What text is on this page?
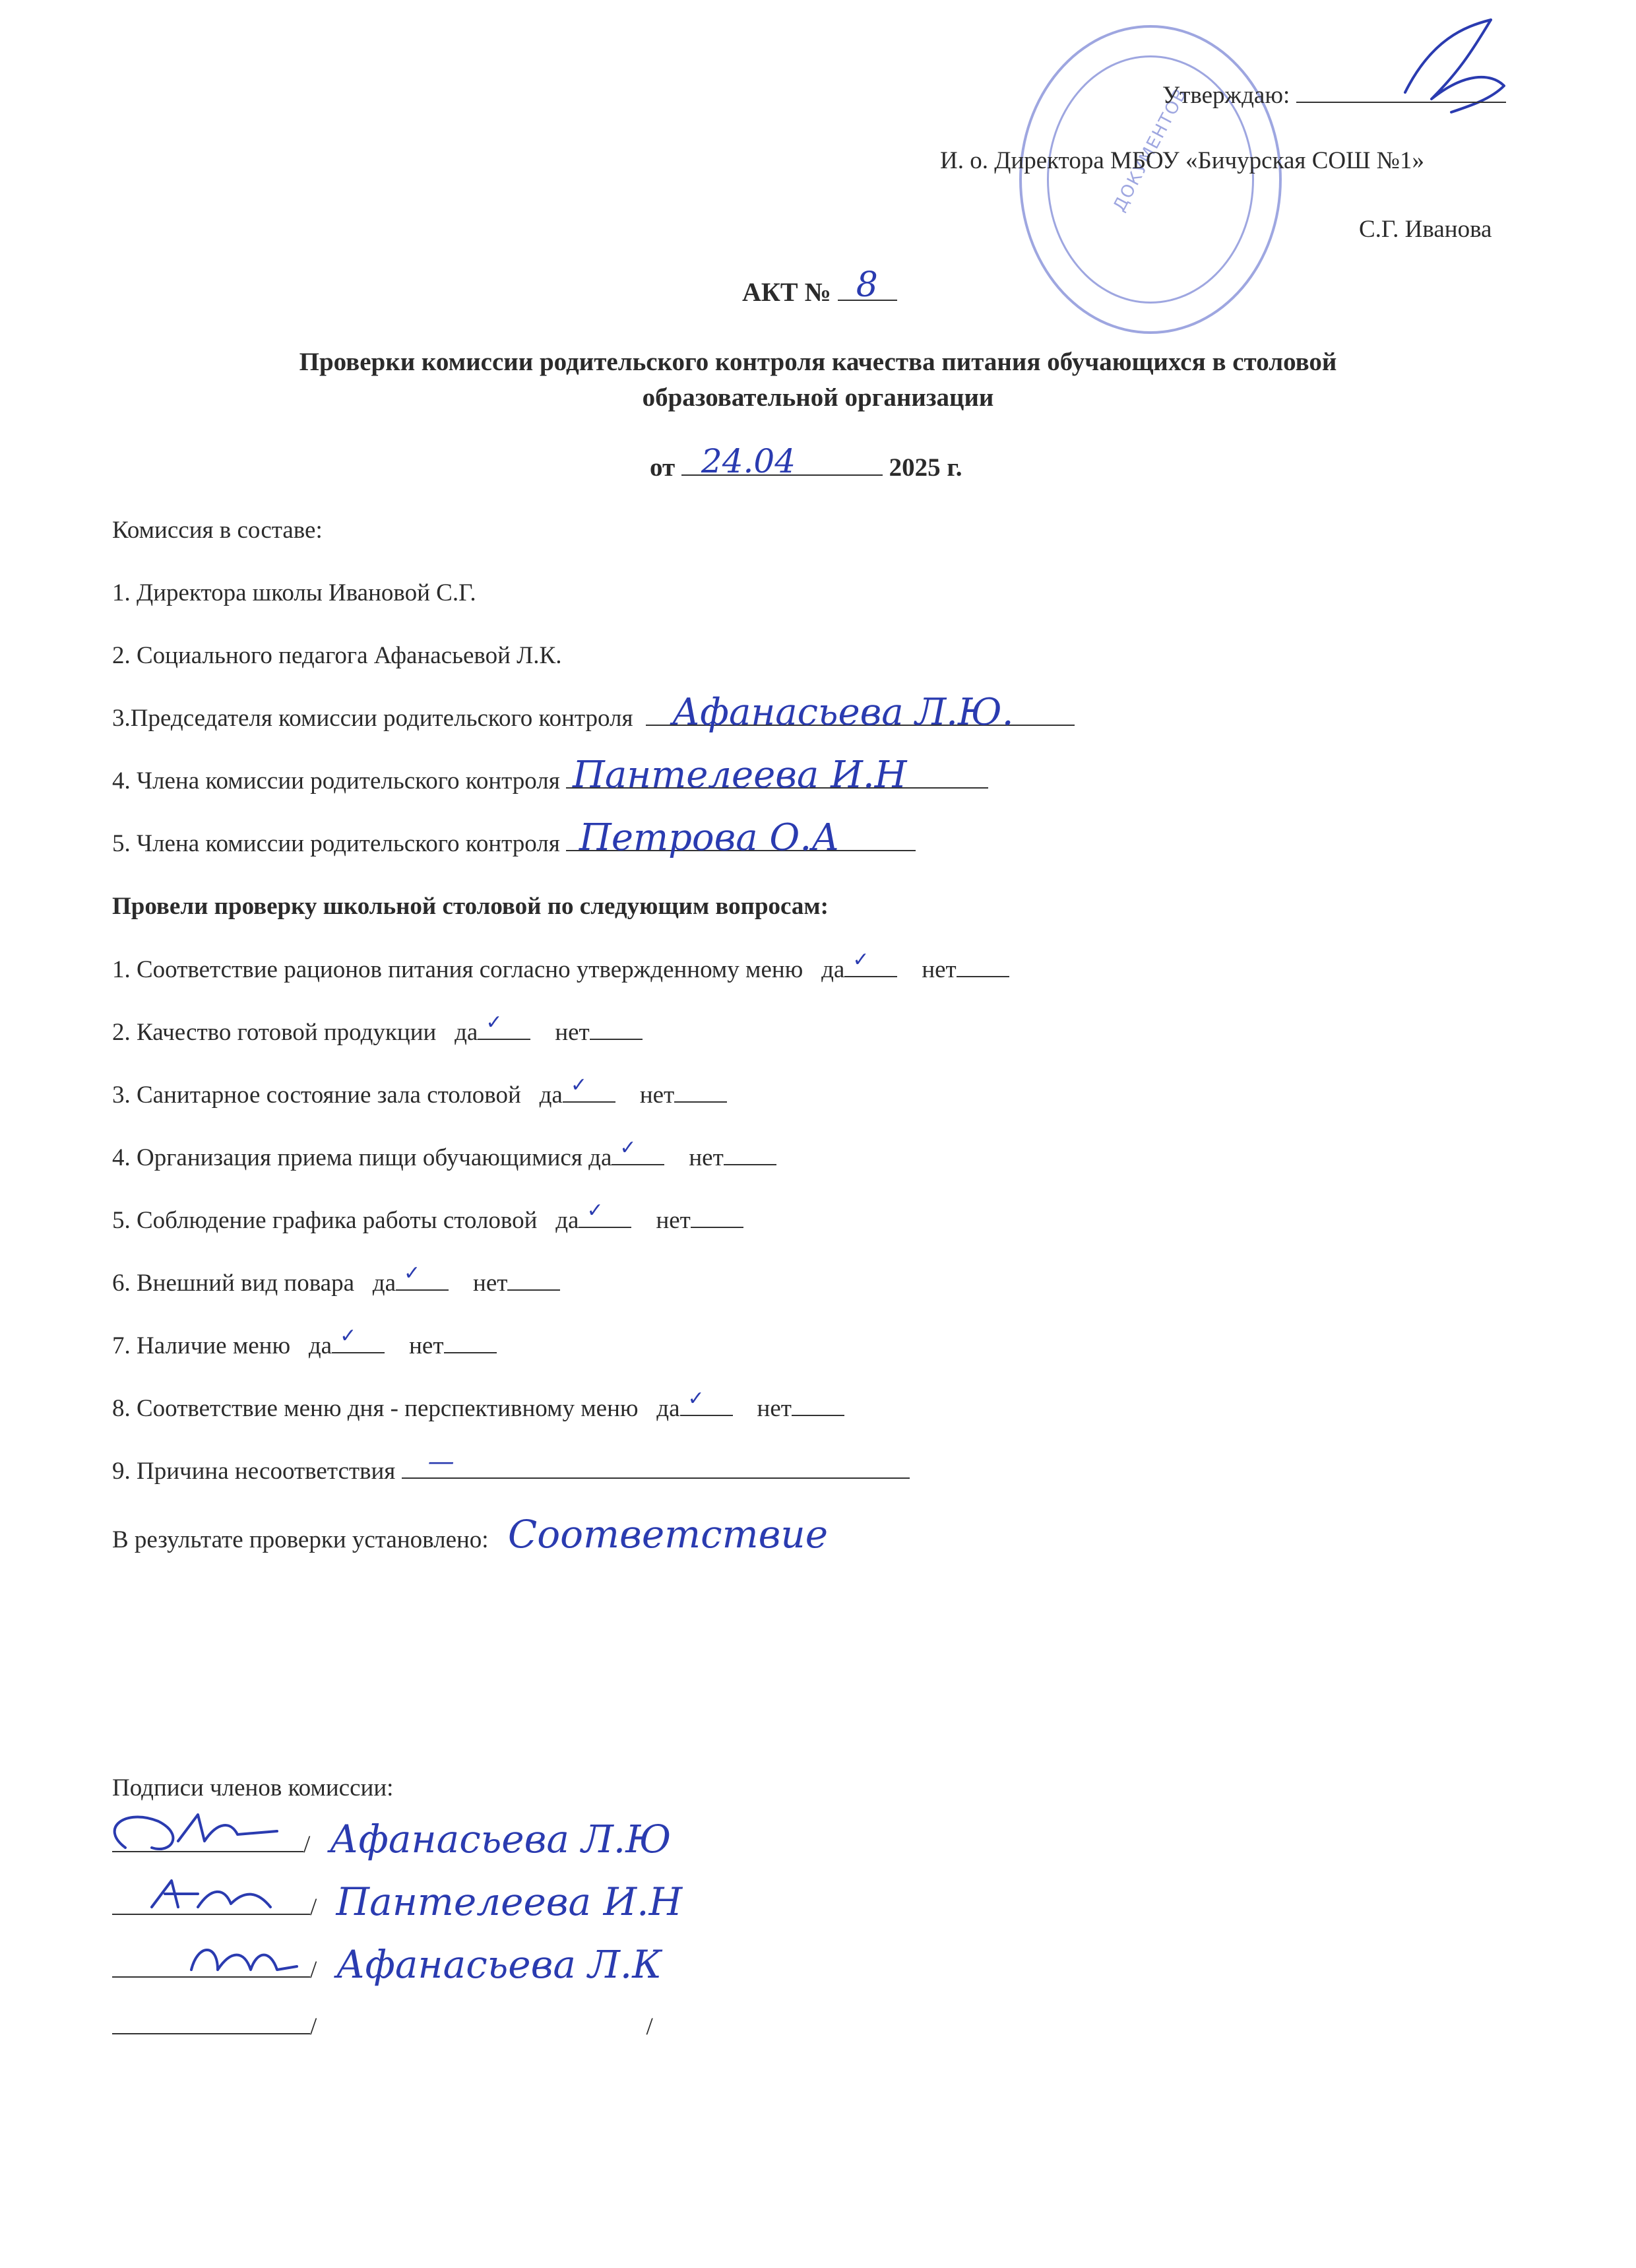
ДОКУМЕНТОВ
Утверждаю:
И. о. Директора МБОУ «Бичурская СОШ №1»
С.Г. Иванова
АКТ № 8
Проверки комиссии родительского контроля качества питания обучающихся в столовой
образовательной организации
от 24.04	2025 г.
Комиссия в составе:
1. Директора школы Ивановой С.Г.
2. Социального педагога Афанасьевой Л.К.
3.Председателя комиссии родительского контроля Афанасьева Л.Ю.
4. Члена комиссии родительского контроля Пантелеева И.Н
5. Члена комиссии родительского контроля Петрова О.А
Провели проверку школьной столовой по следующим вопросам:
1. Соответствие рационов питания согласно утвержденному меню да ✓ нет
2. Качество готовой продукции да ✓ нет
3. Санитарное состояние зала столовой да ✓ нет
4. Организация приема пищи обучающимися да ✓ нет
5. Соблюдение графика работы столовой да ✓ нет
6. Внешний вид повара да ✓ нет
7. Наличие меню да ✓ нет
8. Соответствие меню дня - перспективному меню да ✓ нет
9. Причина несоответствия —
В результате проверки установлено: Соответствие
Подписи членов комиссии:
/ Афанасьева Л.Ю
/ Пантелеева И.Н
/ Афанасьева Л.К
/	/
